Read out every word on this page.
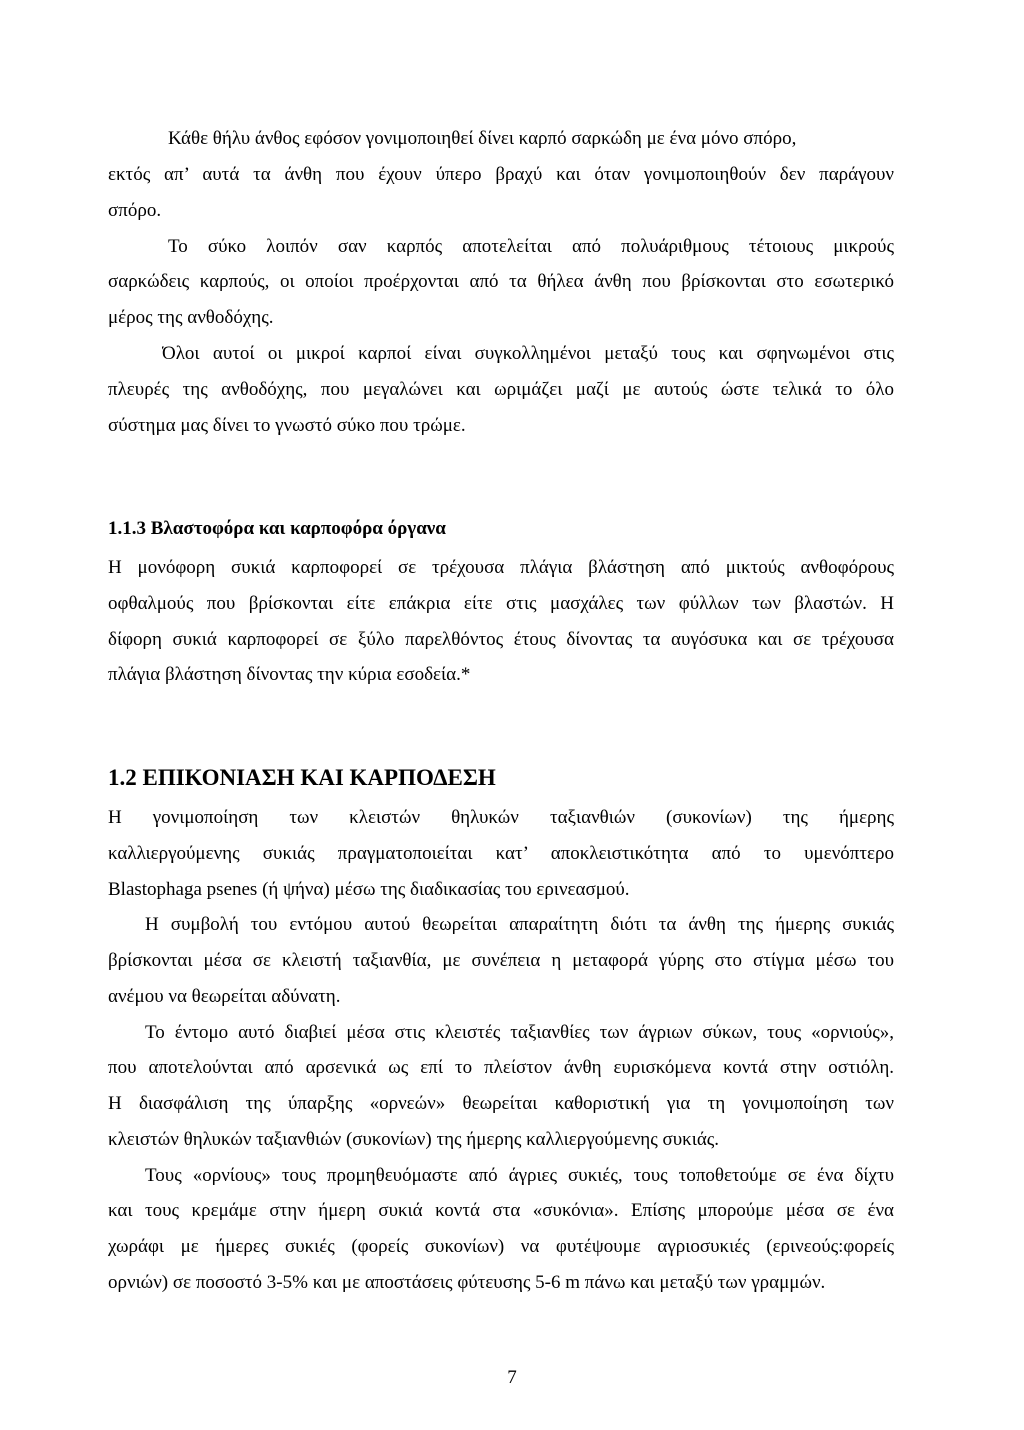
Κάθε θήλυ άνθος εφόσον γονιμοποιηθεί δίνει καρπό σαρκώδη με ένα μόνο σπόρο,
εκτός απ’ αυτά τα άνθη που έχουν ύπερο βραχύ και όταν γονιμοποιηθούν δεν παράγουν
σπόρο.
Το σύκο λοιπόν σαν καρπός αποτελείται από πολυάριθμους τέτοιους μικρούς
σαρκώδεις καρπούς, οι οποίοι προέρχονται από τα θήλεα άνθη που βρίσκονται στο εσωτερικό
μέρος της ανθοδόχης.
Όλοι αυτοί οι μικροί καρποί είναι συγκολλημένοι μεταξύ τους και σφηνωμένοι στις
πλευρές της ανθοδόχης, που μεγαλώνει και ωριμάζει μαζί με αυτούς ώστε τελικά το όλο
σύστημα μας δίνει το γνωστό σύκο που τρώμε.
1.1.3 Βλαστοφόρα και καρποφόρα όργανα
Η μονόφορη συκιά καρποφορεί σε τρέχουσα πλάγια βλάστηση από μικτούς ανθοφόρους
οφθαλμούς που βρίσκονται είτε επάκρια είτε στις μασχάλες των φύλλων των βλαστών. Η
δίφορη συκιά καρποφορεί σε ξύλο παρελθόντος έτους δίνοντας τα αυγόσυκα και σε τρέχουσα
πλάγια βλάστηση δίνοντας την κύρια εσοδεία.*
1.2 ΕΠΙΚΟΝΙΑΣΗ ΚΑΙ ΚΑΡΠΟΔΕΣΗ
Η γονιμοποίηση των κλειστών θηλυκών ταξιανθιών (συκονίων) της ήμερης
καλλιεργούμενης συκιάς πραγματοποιείται κατ’ αποκλειστικότητα από το υμενόπτερο
Blastophaga psenes (ή ψήνα) μέσω της διαδικασίας του ερινεασμού.
Η συμβολή του εντόμου αυτού θεωρείται απαραίτητη διότι τα άνθη της ήμερης συκιάς
βρίσκονται μέσα σε κλειστή ταξιανθία, με συνέπεια η μεταφορά γύρης στο στίγμα μέσω του
ανέμου να θεωρείται αδύνατη.
Το έντομο αυτό διαβιεί μέσα στις κλειστές ταξιανθίες των άγριων σύκων, τους «ορνιούς»,
που αποτελούνται από αρσενικά ως επί το πλείστον άνθη ευρισκόμενα κοντά στην οστιόλη.
Η διασφάλιση της ύπαρξης «ορνεών» θεωρείται καθοριστική για τη γονιμοποίηση των
κλειστών θηλυκών ταξιανθιών (συκονίων) της ήμερης καλλιεργούμενης συκιάς.
Τους «ορνίους» τους προμηθευόμαστε από άγριες συκιές, τους τοποθετούμε σε ένα δίχτυ
και τους κρεμάμε στην ήμερη συκιά κοντά στα «συκόνια». Επίσης μπορούμε μέσα σε ένα
χωράφι με ήμερες συκιές (φορείς συκονίων) να φυτέψουμε αγριοσυκιές (ερινεούς:φορείς
ορνιών) σε ποσοστό 3-5% και με αποστάσεις φύτευσης 5-6 m πάνω και μεταξύ των γραμμών.
7
